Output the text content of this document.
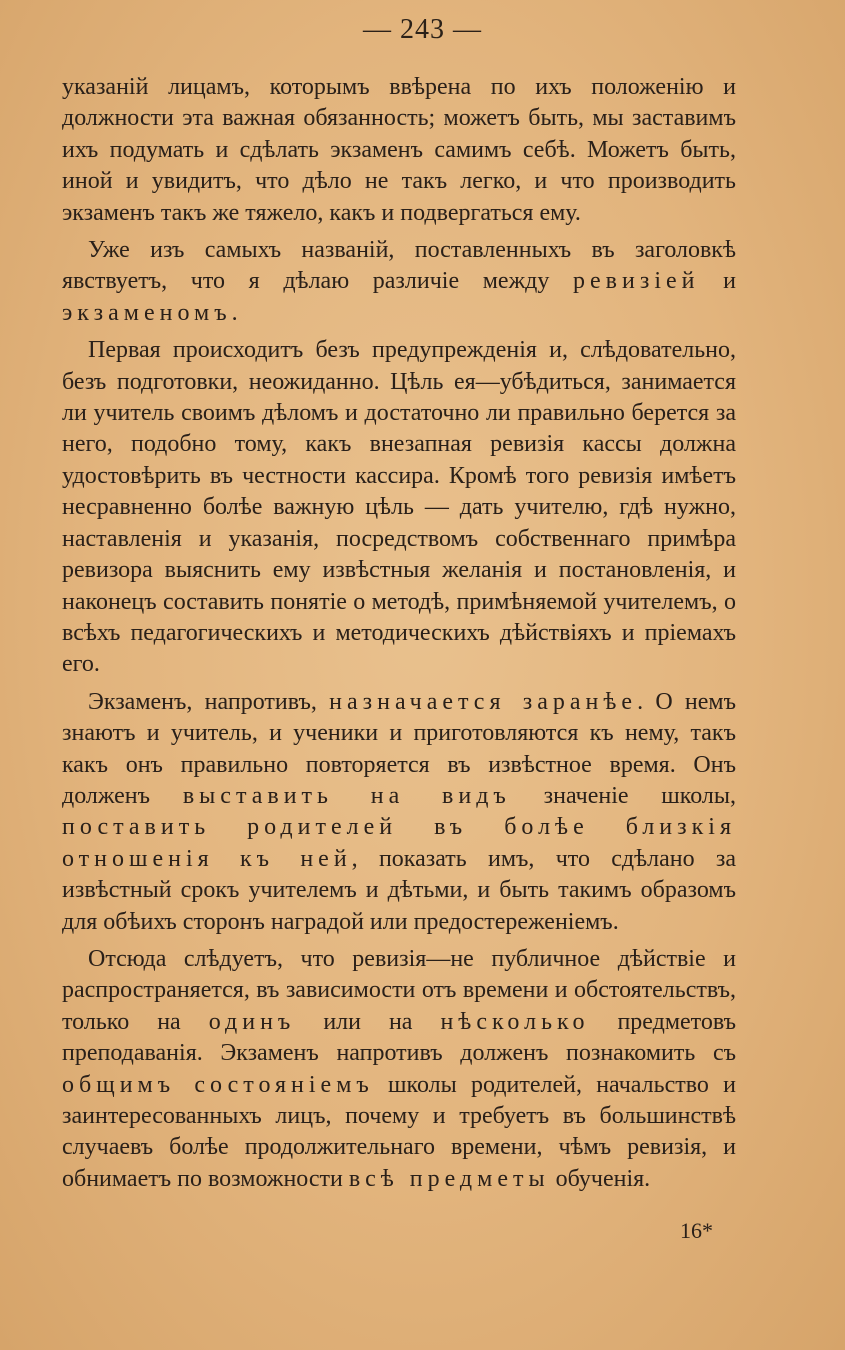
— 243 —

указаній лицамъ, которымъ ввѣрена по ихъ положенію и должности эта важная обязанность; можетъ быть, мы заставимъ ихъ подумать и сдѣлать экзаменъ самимъ себѣ. Можетъ быть, иной и увидитъ, что дѣло не такъ легко, и что производить экзаменъ такъ же тяжело, какъ и подвергаться ему.

Уже изъ самыхъ названій, поставленныхъ въ заголовкѣ явствуетъ, что я дѣлаю различіе между ревизіей и экзаменомъ.

Первая происходитъ безъ предупрежденія и, слѣдовательно, безъ подготовки, неожиданно. Цѣль ея—убѣдиться, занимается ли учитель своимъ дѣломъ и достаточно ли правильно берется за него, подобно тому, какъ внезапная ревизія кассы должна удостовѣрить въ честности кассира. Кромѣ того ревизія имѣетъ несравненно болѣе важную цѣль — дать учителю, гдѣ нужно, наставленія и указанія, посредствомъ собственнаго примѣра ревизора выяснить ему извѣстныя желанія и постановленія, и наконецъ составить понятіе о методѣ, примѣняемой учителемъ, о всѣхъ педагогическихъ и методическихъ дѣйствіяхъ и пріемахъ его.

Экзаменъ, напротивъ, назначается заранѣе. О немъ знаютъ и учитель, и ученики и приготовляются къ нему, такъ какъ онъ правильно повторяется въ извѣстное время. Онъ долженъ выставить на видъ значеніе школы, поставить родителей въ болѣе близкія отношенія къ ней, показать имъ, что сдѣлано за извѣстный срокъ учителемъ и дѣтьми, и быть такимъ образомъ для обѣихъ сторонъ наградой или предостереженіемъ.

Отсюда слѣдуетъ, что ревизія—не публичное дѣйствіе и распространяется, въ зависимости отъ времени и обстоятельствъ, только на одинъ или на нѣсколько предметовъ преподаванія. Экзаменъ напротивъ долженъ познакомить съ общимъ состояніемъ школы родителей, начальство и заинтересованныхъ лицъ, почему и требуетъ въ большинствѣ случаевъ болѣе продолжительнаго времени, чѣмъ ревизія, и обнимаетъ по возможности всѣ предметы обученія.

16*
